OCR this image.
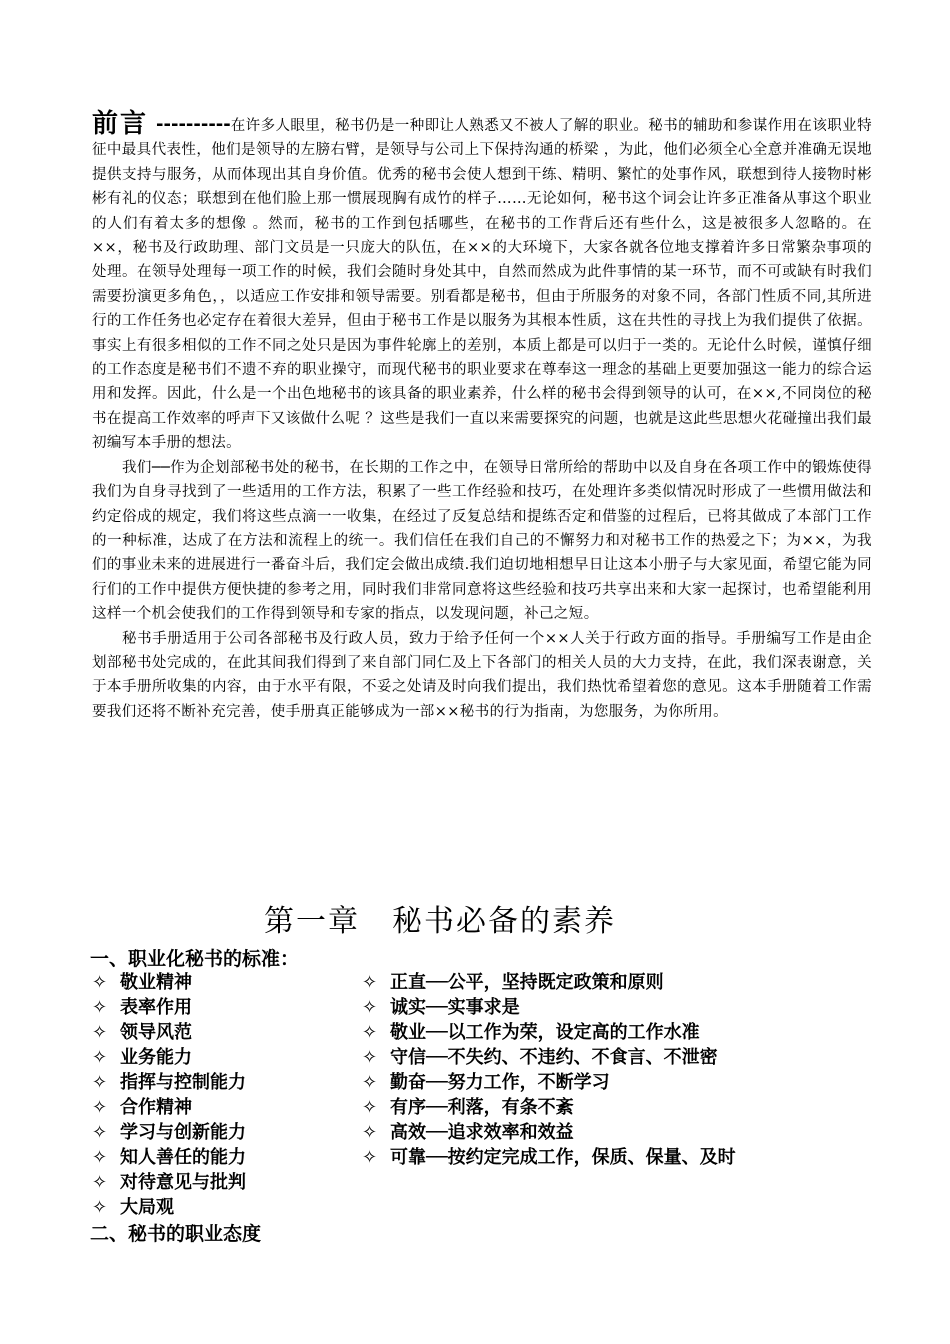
前言 ----------在许多人眼里，秘书仍是一种即让人熟悉又不被人了解的职业。秘书的辅助和参谋作用在该职业特征中最具代表性，他们是领导的左膀右臂，是领导与公司上下保持沟通的桥梁 ，为此，他们必须全心全意并准确无误地提供支持与服务，从而体现出其自身价值。优秀的秘书会使人想到干练、精明、繁忙的处事作风，联想到待人接物时彬彬有礼的仪态；联想到在他们脸上那一惯展现胸有成竹的样子……无论如何，秘书这个词会让许多正准备从事这个职业的人们有着太多的想像 。然而，秘书的工作到包括哪些，在秘书的工作背后还有些什么，这是被很多人忽略的。在××，秘书及行政助理、部门文员是一只庞大的队伍，在××的大环境下，大家各就各位地支撑着许多日常繁杂事项的处理。在领导处理每一项工作的时候，我们会随时身处其中，自然而然成为此件事情的某一环节，而不可或缺有时我们需要扮演更多角色，，以适应工作安排和领导需要。别看都是秘书，但由于所服务的对象不同，各部门性质不同,其所进行的工作任务也必定存在着很大差异，但由于秘书工作是以服务为其根本性质，这在共性的寻找上为我们提供了依据。事实上有很多相似的工作不同之处只是因为事件轮廓上的差别，本质上都是可以归于一类的。无论什么时候，谨慎仔细的工作态度是秘书们不遗不弃的职业操守，而现代秘书的职业要求在尊奉这一理念的基础上更要加强这一能力的综合运用和发挥。因此，什么是一个出色地秘书的该具备的职业素养，什么样的秘书会得到领导的认可，在××,不同岗位的秘书在提高工作效率的呼声下又该做什么呢 ？这些是我们一直以来需要探究的问题，也就是这此些思想火花碰撞出我们最初编写本手册的想法。

我们──作为企划部秘书处的秘书，在长期的工作之中，在领导日常所给的帮助中以及自身在各项工作中的锻炼使得我们为自身寻找到了一些适用的工作方法，积累了一些工作经验和技巧，在处理许多类似情况时形成了一些惯用做法和约定俗成的规定，我们将这些点滴一一收集，在经过了反复总结和提练否定和借鉴的过程后，已将其做成了本部门工作的一种标准，达成了在方法和流程上的统一。我们信任在我们自己的不懈努力和对秘书工作的热爱之下；为××，为我们的事业未来的进展进行一番奋斗后，我们定会做出成绩.我们迫切地相想早日让这本小册子与大家见面，希望它能为同行们的工作中提供方便快捷的参考之用，同时我们非常同意将这些经验和技巧共享出来和大家一起探讨，也希望能利用这样一个机会使我们的工作得到领导和专家的指点，以发现问题，补己之短。

秘书手册适用于公司各部秘书及行政人员，致力于给予任何一个××人关于行政方面的指导。手册编写工作是由企划部秘书处完成的，在此其间我们得到了来自部门同仁及上下各部门的相关人员的大力支持，在此，我们深表谢意，关于本手册所收集的内容，由于水平有限，不妥之处请及时向我们提出，我们热忱希望着您的意见。这本手册随着工作需要我们还将不断补充完善，使手册真正能够成为一部××秘书的行为指南，为您服务，为你所用。

第一章　秘书必备的素养
一、职业化秘书的标准：
✧ 敬业精神
✧ 表率作用
✧ 领导风范
✧ 业务能力
✧ 指挥与控制能力
✧ 合作精神
✧ 学习与创新能力
✧ 知人善任的能力
✧ 对待意见与批判
✧ 大局观
✧ 正直──公平，坚持既定政策和原则
✧ 诚实──实事求是
✧ 敬业──以工作为荣，设定高的工作水准
✧ 守信──不失约、不违约、不食言、不泄密
✧ 勤奋──努力工作，不断学习
✧ 有序──利落，有条不紊
✧ 高效──追求效率和效益
✧ 可靠──按约定完成工作，保质、保量、及时
二、秘书的职业态度
